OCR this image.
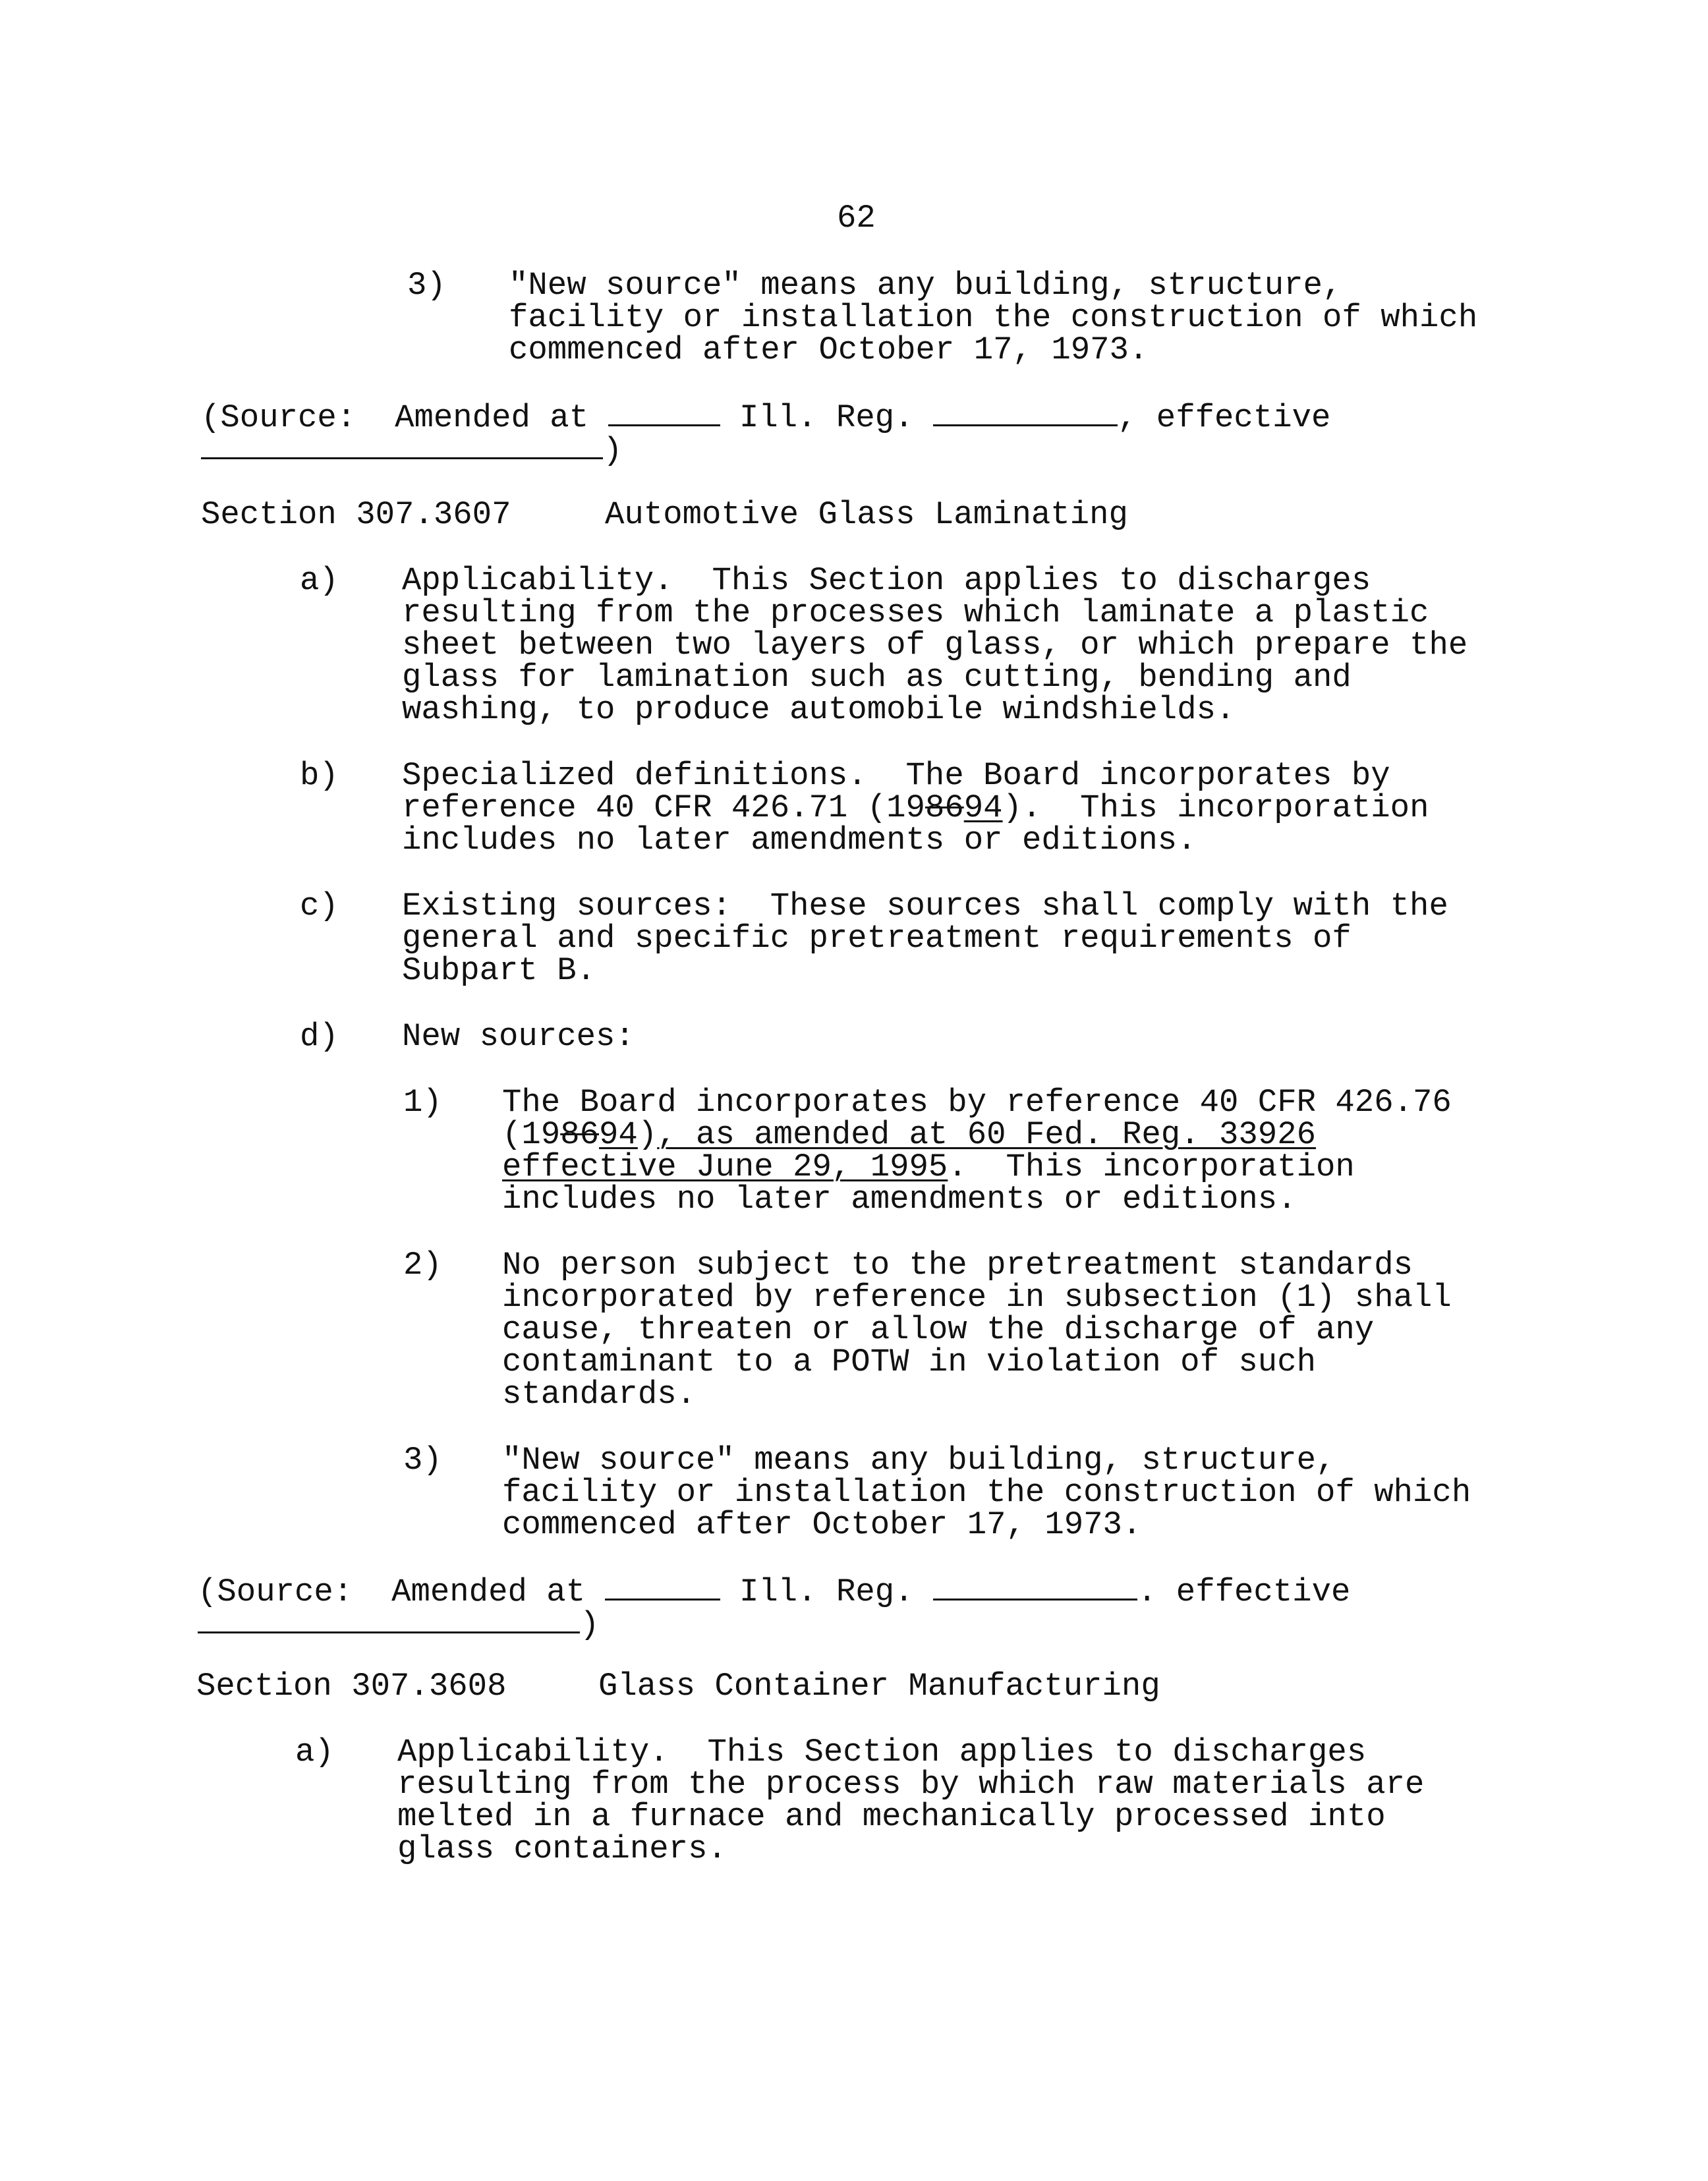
62
3) "New source" means any building, structure,
facility or installation the construction of which
commenced after October 17, 1973.
(Source: Amended at	Ill. Reg.	, effective
)
Section 307.3607	Automotive Glass Laminating
a) Applicability.  This Section applies to discharges
resulting from the processes which laminate a plastic
sheet between two layers of glass, or which prepare the
glass for lamination such as cutting, bending and
washing, to produce automobile windshields.
b) Specialized definitions.  The Board incorporates by
reference 40 CFR 426.71 (198694).  This incorporation
includes no later amendments or editions.
c) Existing sources:  These sources shall comply with the
general and specific pretreatment requirements of
Subpart B.
d) New sources:
1) The Board incorporates by reference 40 CFR 426.76
(198694), as amended at 60 Fed. Reg. 33926
effective June 29, 1995.  This incorporation
includes no later amendments or editions.
2) No person subject to the pretreatment standards
incorporated by reference in subsection (1) shall
cause, threaten or allow the discharge of any
contaminant to a POTW in violation of such
standards.
3) "New source" means any building, structure,
facility or installation the construction of which
commenced after October 17, 1973.
(Source: Amended at	Ill. Reg.	. effective
)
Section 307.3608	Glass Container Manufacturing
a) Applicability.  This Section applies to discharges
resulting from the process by which raw materials are
melted in a furnace and mechanically processed into
glass containers.
